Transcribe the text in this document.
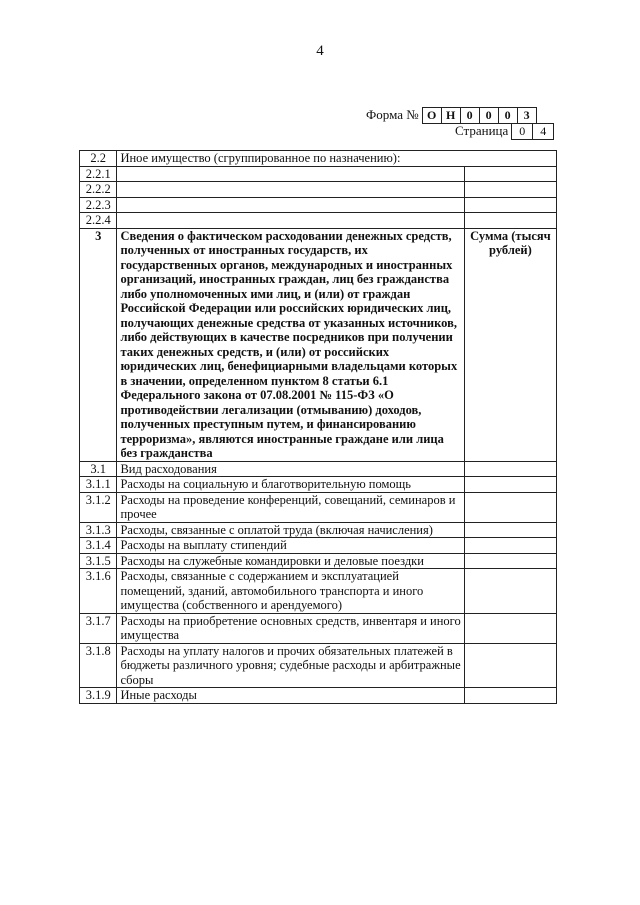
4
Форма № О Н 0	0	0	3
Страница 0	4
2.2	Иное имущество (сгруппированное по назначению):	
2.2.1		
2.2.2		
2.2.3		
2.2.4		
3	Сведения о фактическом расходовании денежных средств, полученных от иностранных государств, их государственных органов, международных и иностранных организаций, иностранных граждан, лиц без гражданства либо уполномоченных ими лиц, и (или) от граждан Российской Федерации или российских юридических лиц, получающих денежные средства от указанных источников, либо действующих в качестве посредников при получении таких денежных средств, и (или) от российских юридических лиц, бенефициарными владельцами которых в значении, определенном пунктом 8 статьи 6.1 Федерального закона от 07.08.2001 № 115-ФЗ «О противодействии легализации (отмыванию) доходов, полученных преступным путем, и финансированию терроризма», являются иностранные граждане или лица без гражданства	Сумма (тысяч рублей)
3.1	Вид расходования	
3.1.1	Расходы на социальную и благотворительную помощь	
3.1.2	Расходы на проведение конференций, совещаний, семинаров и прочее	
3.1.3	Расходы, связанные с оплатой труда (включая начисления)	
3.1.4	Расходы на выплату стипендий	
3.1.5	Расходы на служебные командировки и деловые поездки	
3.1.6	Расходы, связанные с содержанием и эксплуатацией помещений, зданий, автомобильного транспорта и иного имущества (собственного и арендуемого)	
3.1.7	Расходы на приобретение основных средств, инвентаря и иного имущества	
3.1.8	Расходы на уплату налогов и прочих обязательных платежей в бюджеты различного уровня; судебные расходы и арбитражные сборы	
3.1.9	Иные расходы	
